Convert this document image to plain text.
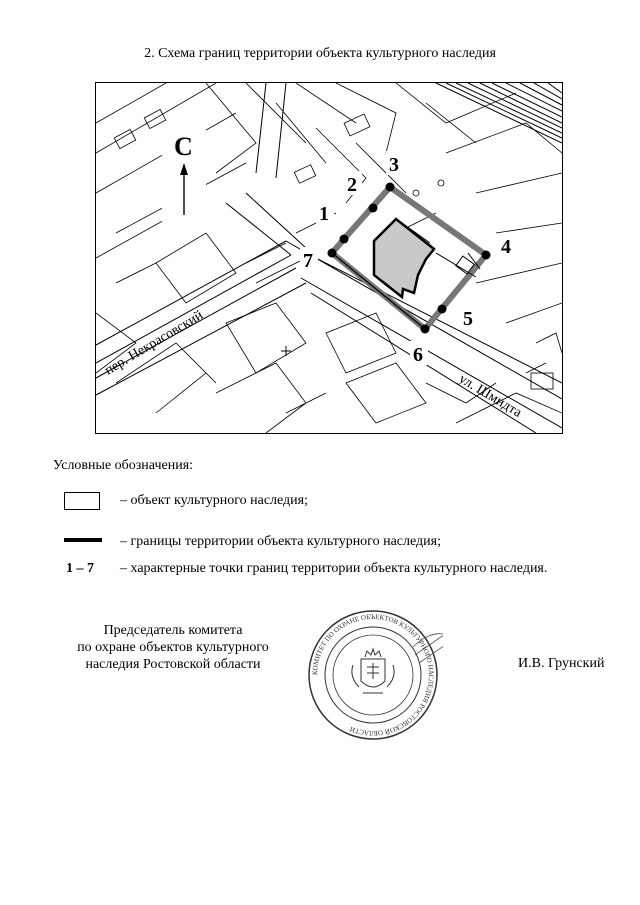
2. Схема границ территории объекта культурного наследия
С
пер. Некрасовский
ул. Шмидта
1
2
3
4
5
6
7
Условные обозначения:
– объект культурного наследия;
– границы территории объекта культурного наследия;
1 – 7 – характерные точки границ территории объекта культурного наследия.
Председатель комитета
по охране объектов культурного
наследия Ростовской области
КОМИТЕТ ПО ОХРАНЕ ОБЪЕКТОВ КУЛЬТУРНОГО НАСЛЕДИЯ РОСТОВСКОЙ ОБЛАСТИ
И.В. Грунский
